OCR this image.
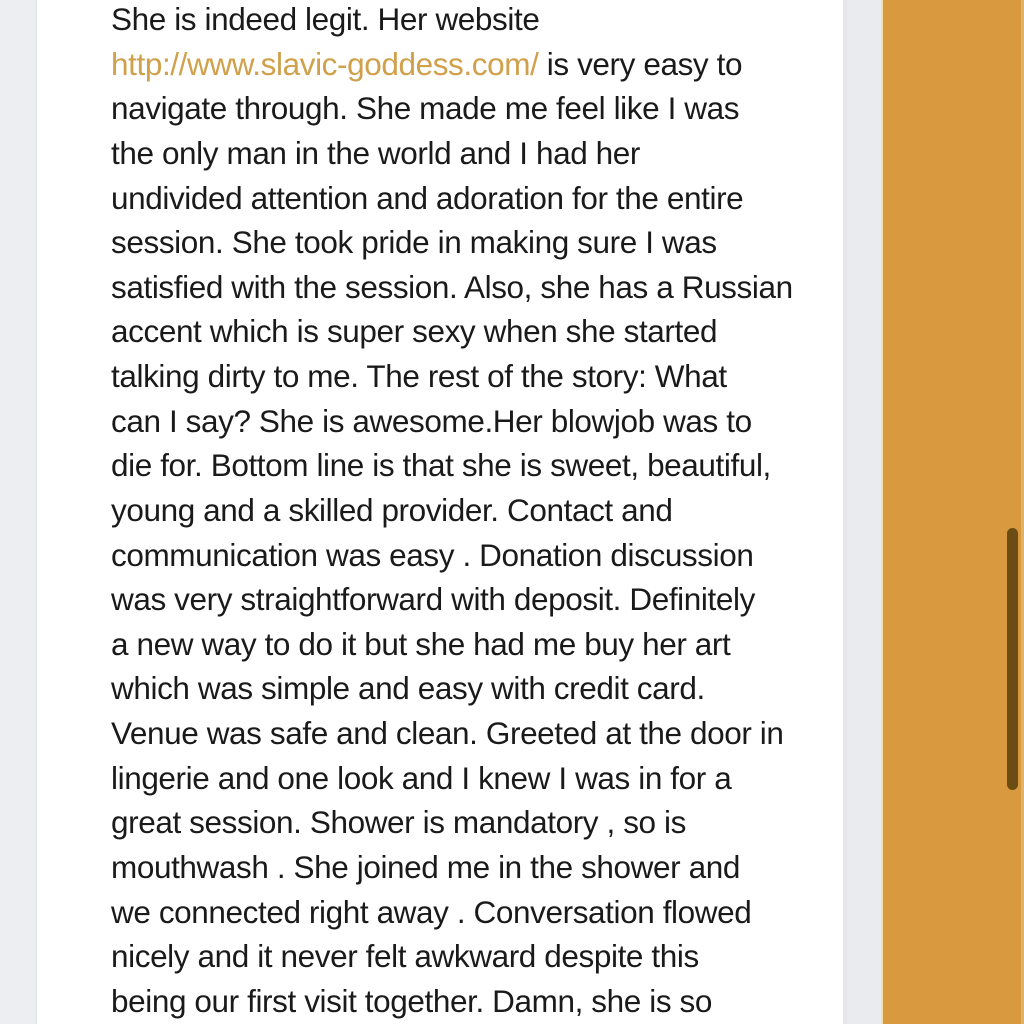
She is indeed legit. Her website
http://www.slavic-goddess.com/ is very easy to
navigate through. She made me feel like I was
the only man in the world and I had her
undivided attention and adoration for the entire
session. She took pride in making sure I was
satisfied with the session. Also, she has a Russian
accent which is super sexy when she started
talking dirty to me. The rest of the story: What
can I say? She is awesome.Her blowjob was to
die for. Bottom line is that she is sweet, beautiful,
young and a skilled provider. Contact and
communication was easy . Donation discussion
was very straightforward with deposit. Definitely
a new way to do it but she had me buy her art
which was simple and easy with credit card.
Venue was safe and clean. Greeted at the door in
lingerie and one look and I knew I was in for a
great session. Shower is mandatory , so is
mouthwash . She joined me in the shower and
we connected right away . Conversation flowed
nicely and it never felt awkward despite this
being our first visit together. Damn, she is so
